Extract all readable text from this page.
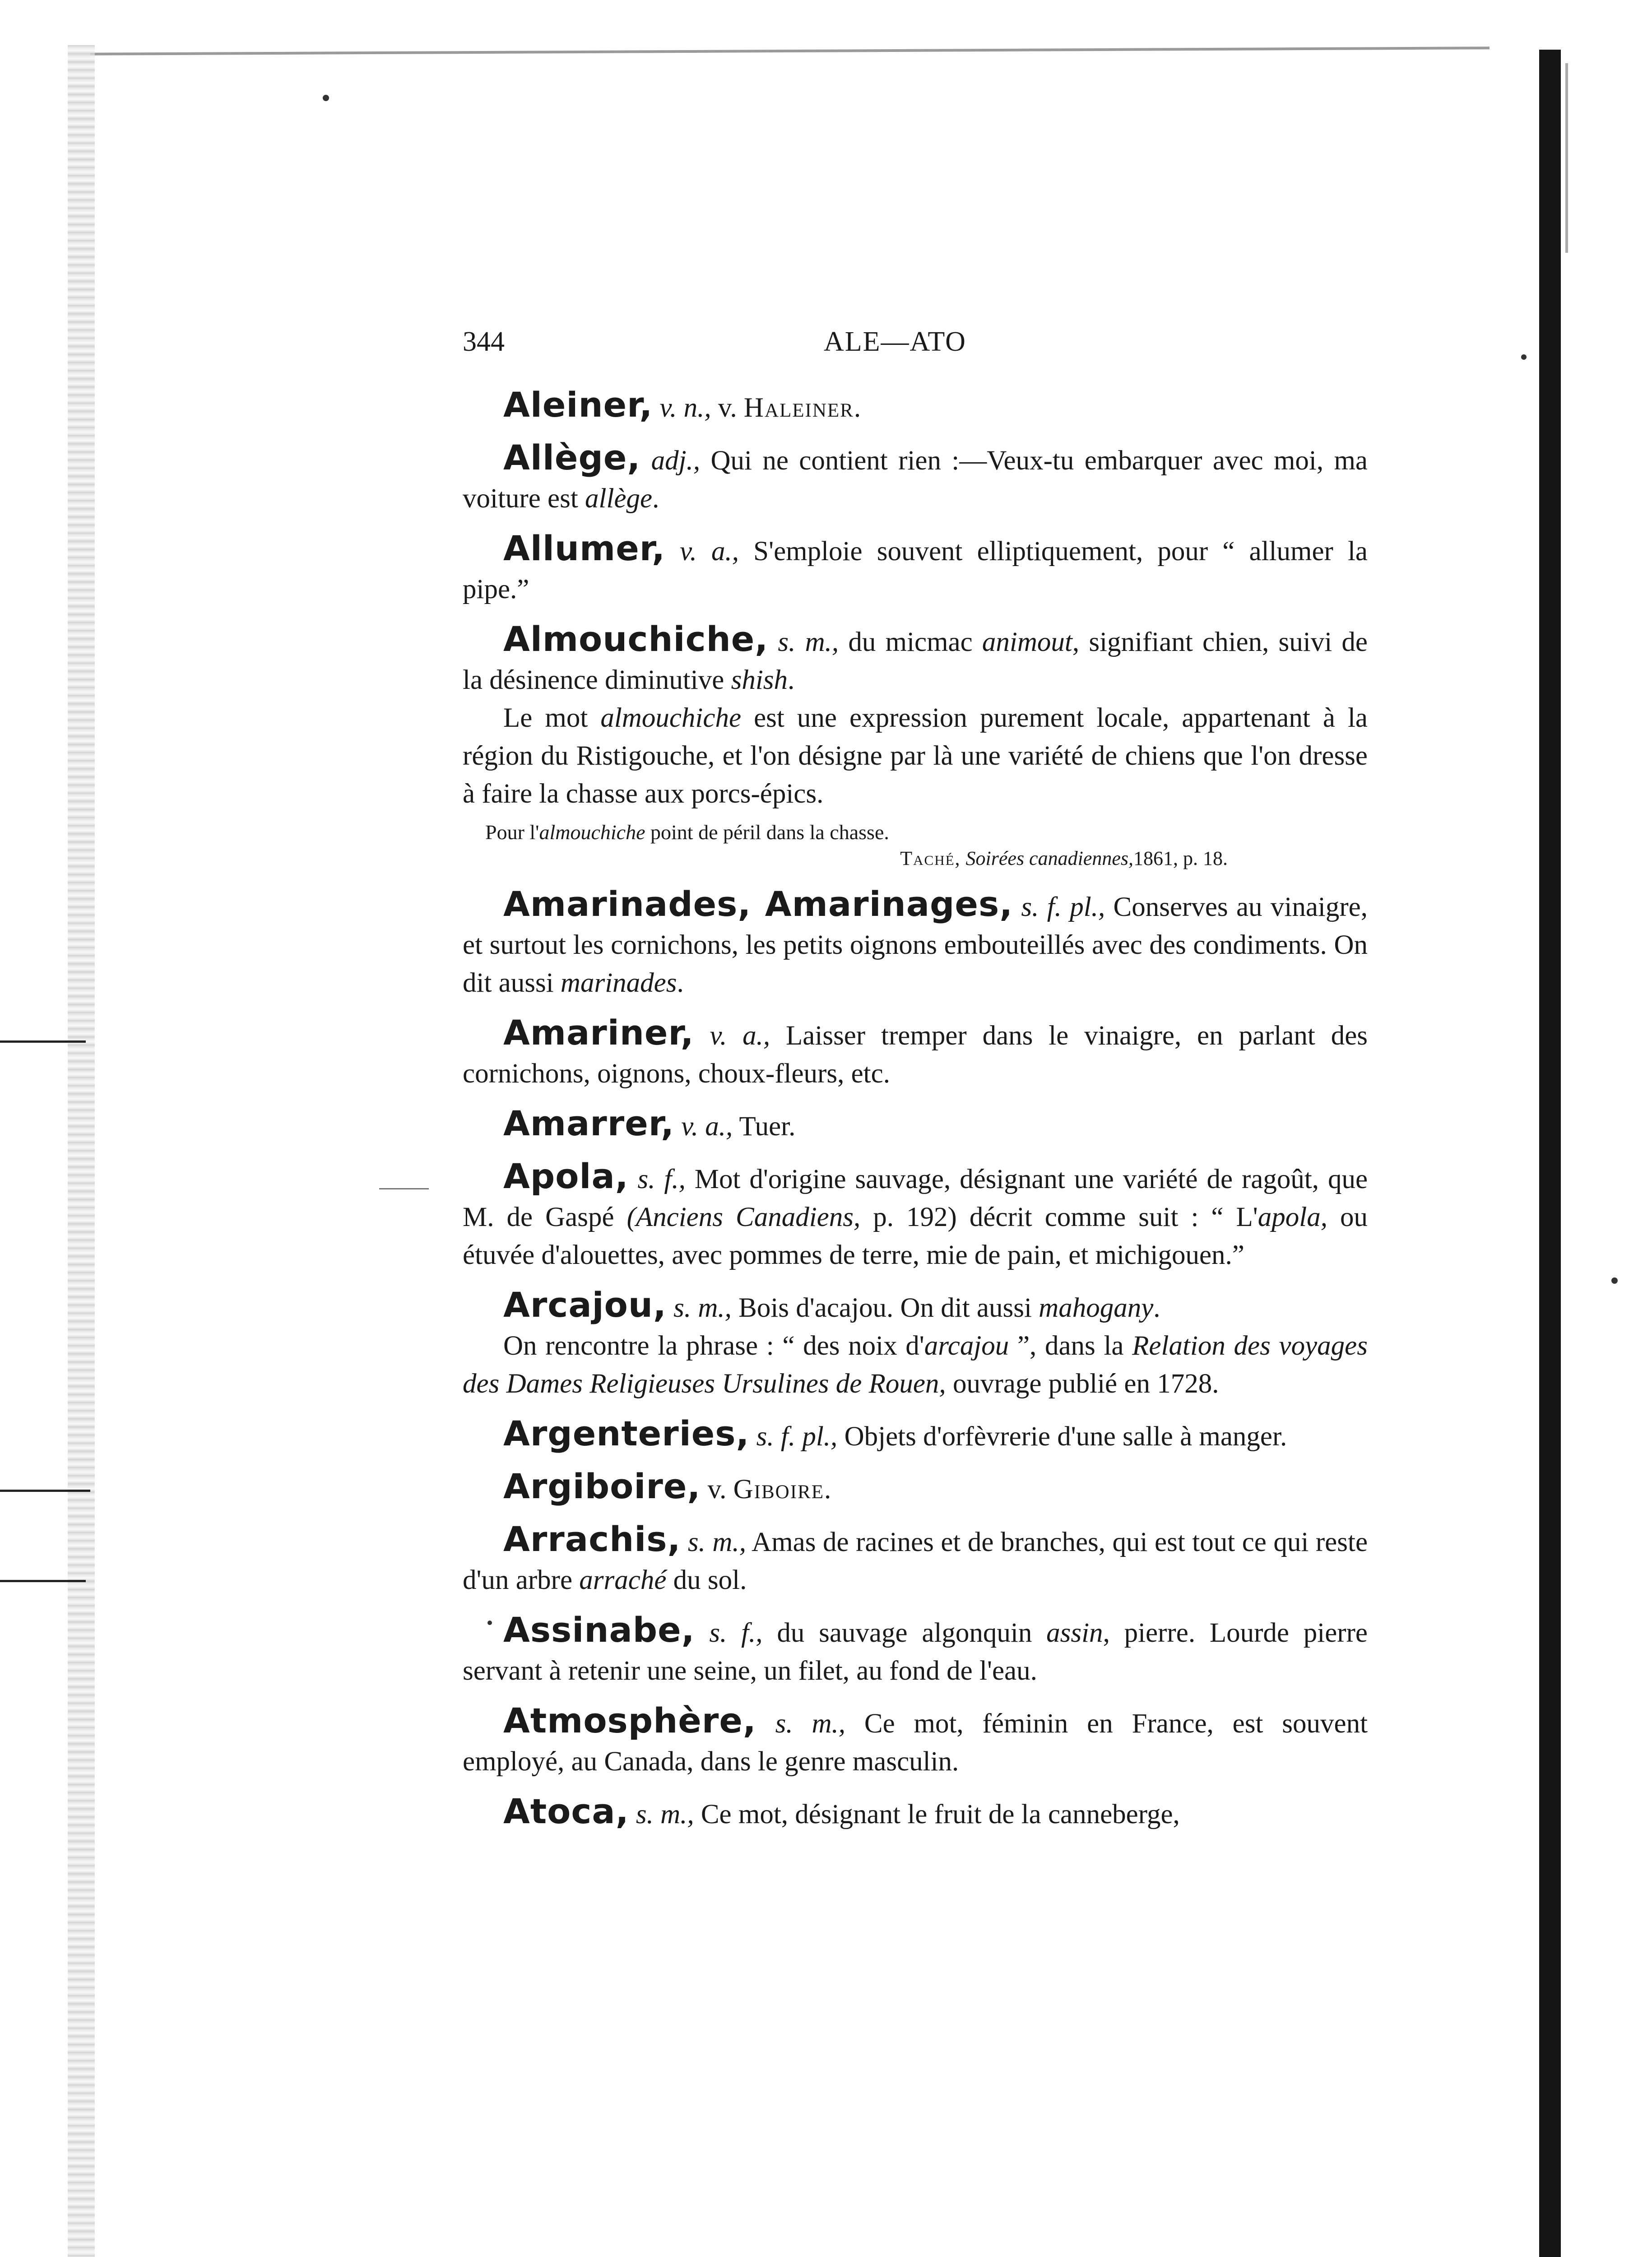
344	ALE—ATO

Aleiner, v. n., v. Haleiner.

Allège, adj., Qui ne contient rien :—Veux-tu embarquer avec moi, ma voiture est allège.

Allumer, v. a., S'emploie souvent elliptiquement, pour “ allumer la pipe.”

Almouchiche, s. m., du micmac animout, signifiant chien, suivi de la désinence diminutive shish.

Le mot almouchiche est une expression purement locale, appartenant à la région du Ristigouche, et l'on désigne par là une variété de chiens que l'on dresse à faire la chasse aux porcs-épics.

Pour l'almouchiche point de péril dans la chasse.

Taché, Soirées canadiennes,1861, p. 18.

Amarinades, Amarinages, s. f. pl., Conserves au vinaigre, et surtout les cornichons, les petits oignons embouteillés avec des condiments. On dit aussi marinades.

Amariner, v. a., Laisser tremper dans le vinaigre, en parlant des cornichons, oignons, choux-fleurs, etc.

Amarrer, v. a., Tuer.

Apola, s. f., Mot d'origine sauvage, désignant une variété de ragoût, que M. de Gaspé (Anciens Canadiens, p. 192) décrit comme suit : “ L'apola, ou étuvée d'alouettes, avec pommes de terre, mie de pain, et michigouen.”

Arcajou, s. m., Bois d'acajou. On dit aussi mahogany.

On rencontre la phrase : “ des noix d'arcajou ”, dans la Relation des voyages des Dames Religieuses Ursulines de Rouen, ouvrage publié en 1728.

Argenteries, s. f. pl., Objets d'orfèvrerie d'une salle à manger.

Argiboire, v. Giboire.

Arrachis, s. m., Amas de racines et de branches, qui est tout ce qui reste d'un arbre arraché du sol.

Assinabe, s. f., du sauvage algonquin assin, pierre. Lourde pierre servant à retenir une seine, un filet, au fond de l'eau.

Atmosphère, s. m., Ce mot, féminin en France, est souvent employé, au Canada, dans le genre masculin.

Atoca, s. m., Ce mot, désignant le fruit de la canneberge,
